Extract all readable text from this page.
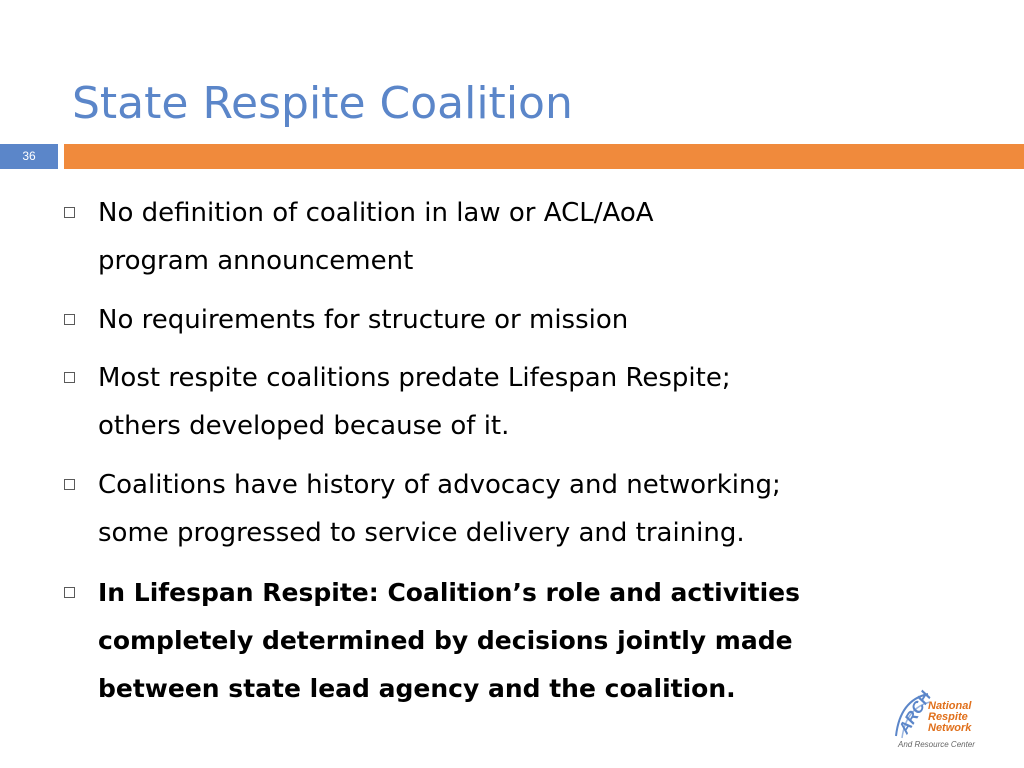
State Respite Coalition
36
No definition of coalition in law or ACL/AoA
program announcement
No requirements for structure or mission
Most respite coalitions predate Lifespan Respite;
others developed because of it.
Coalitions have history of advocacy and networking;
some progressed to service delivery and training.
In Lifespan Respite: Coalition’s role and activities
completely determined by decisions jointly made
between state lead agency and the coalition.
ARCH
National
Respite
Network
And Resource Center
